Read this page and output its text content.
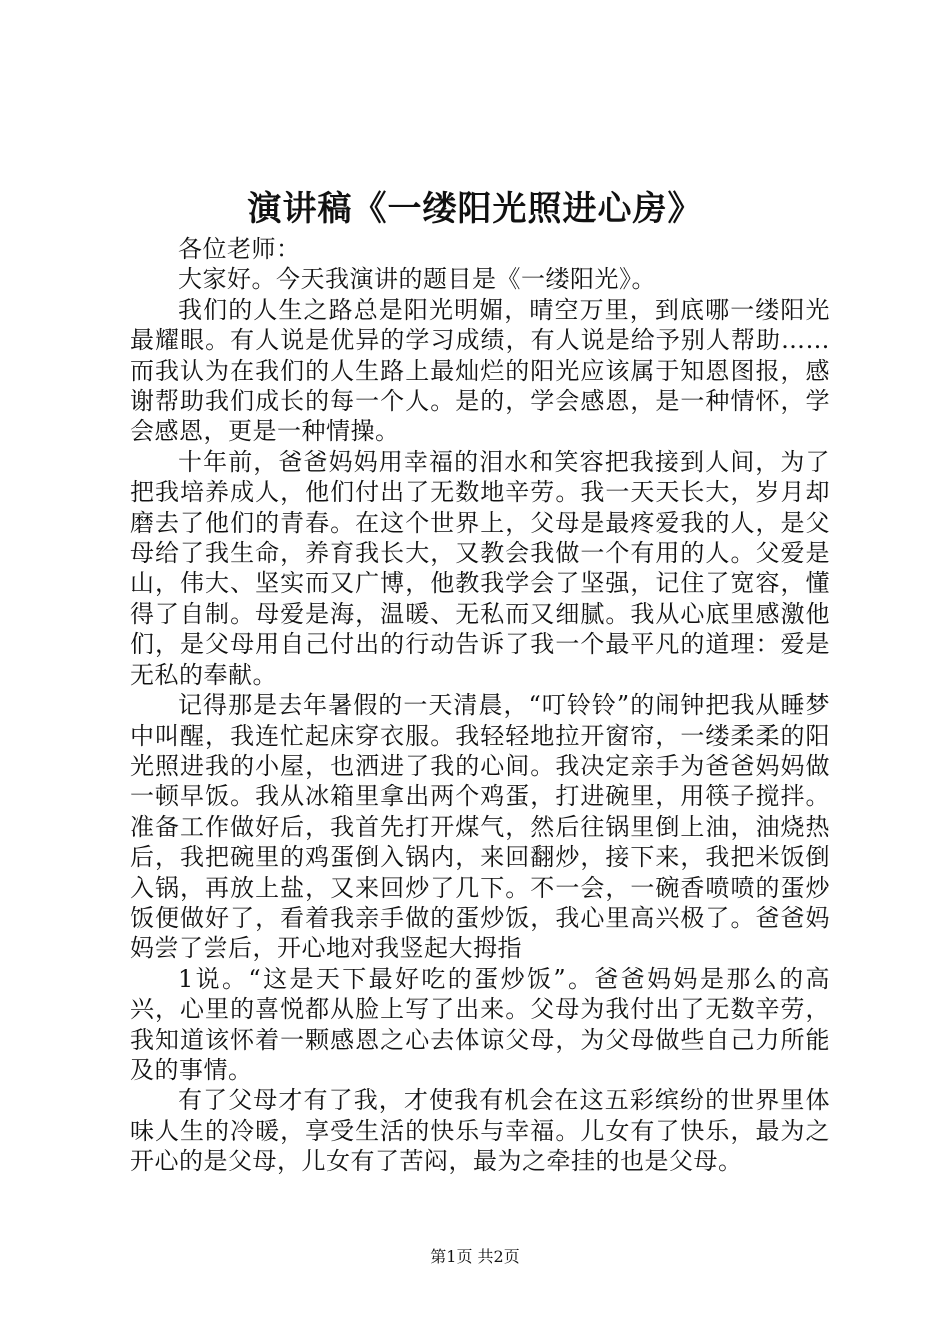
演讲稿《一缕阳光照进心房》

各位老师：

大家好。今天我演讲的题目是《一缕阳光》。

我们的人生之路总是阳光明媚，晴空万里，到底哪一缕阳光最耀眼。有人说是优异的学习成绩，有人说是给予别人帮助……而我认为在我们的人生路上最灿烂的阳光应该属于知恩图报，感谢帮助我们成长的每一个人。是的，学会感恩，是一种情怀，学会感恩，更是一种情操。

十年前，爸爸妈妈用幸福的泪水和笑容把我接到人间，为了把我培养成人，他们付出了无数地辛劳。我一天天长大，岁月却磨去了他们的青春。在这个世界上，父母是最疼爱我的人，是父母给了我生命，养育我长大，又教会我做一个有用的人。父爱是山，伟大、坚实而又广博，他教我学会了坚强，记住了宽容，懂得了自制。母爱是海，温暖、无私而又细腻。我从心底里感激他们，是父母用自己付出的行动告诉了我一个最平凡的道理：爱是无私的奉献。

记得那是去年暑假的一天清晨，“叮铃铃”的闹钟把我从睡梦中叫醒，我连忙起床穿衣服。我轻轻地拉开窗帘，一缕柔柔的阳光照进我的小屋，也洒进了我的心间。我决定亲手为爸爸妈妈做一顿早饭。我从冰箱里拿出两个鸡蛋，打进碗里，用筷子搅拌。准备工作做好后，我首先打开煤气，然后往锅里倒上油，油烧热后，我把碗里的鸡蛋倒入锅内，来回翻炒，接下来，我把米饭倒入锅，再放上盐，又来回炒了几下。不一会，一碗香喷喷的蛋炒饭便做好了，看着我亲手做的蛋炒饭，我心里高兴极了。爸爸妈妈尝了尝后，开心地对我竖起大拇指

1说。“这是天下最好吃的蛋炒饭”。爸爸妈妈是那么的高兴，心里的喜悦都从脸上写了出来。父母为我付出了无数辛劳，我知道该怀着一颗感恩之心去体谅父母，为父母做些自己力所能及的事情。

有了父母才有了我，才使我有机会在这五彩缤纷的世界里体味人生的冷暖，享受生活的快乐与幸福。儿女有了快乐，最为之开心的是父母，儿女有了苦闷，最为之牵挂的也是父母。

第1页 共2页
